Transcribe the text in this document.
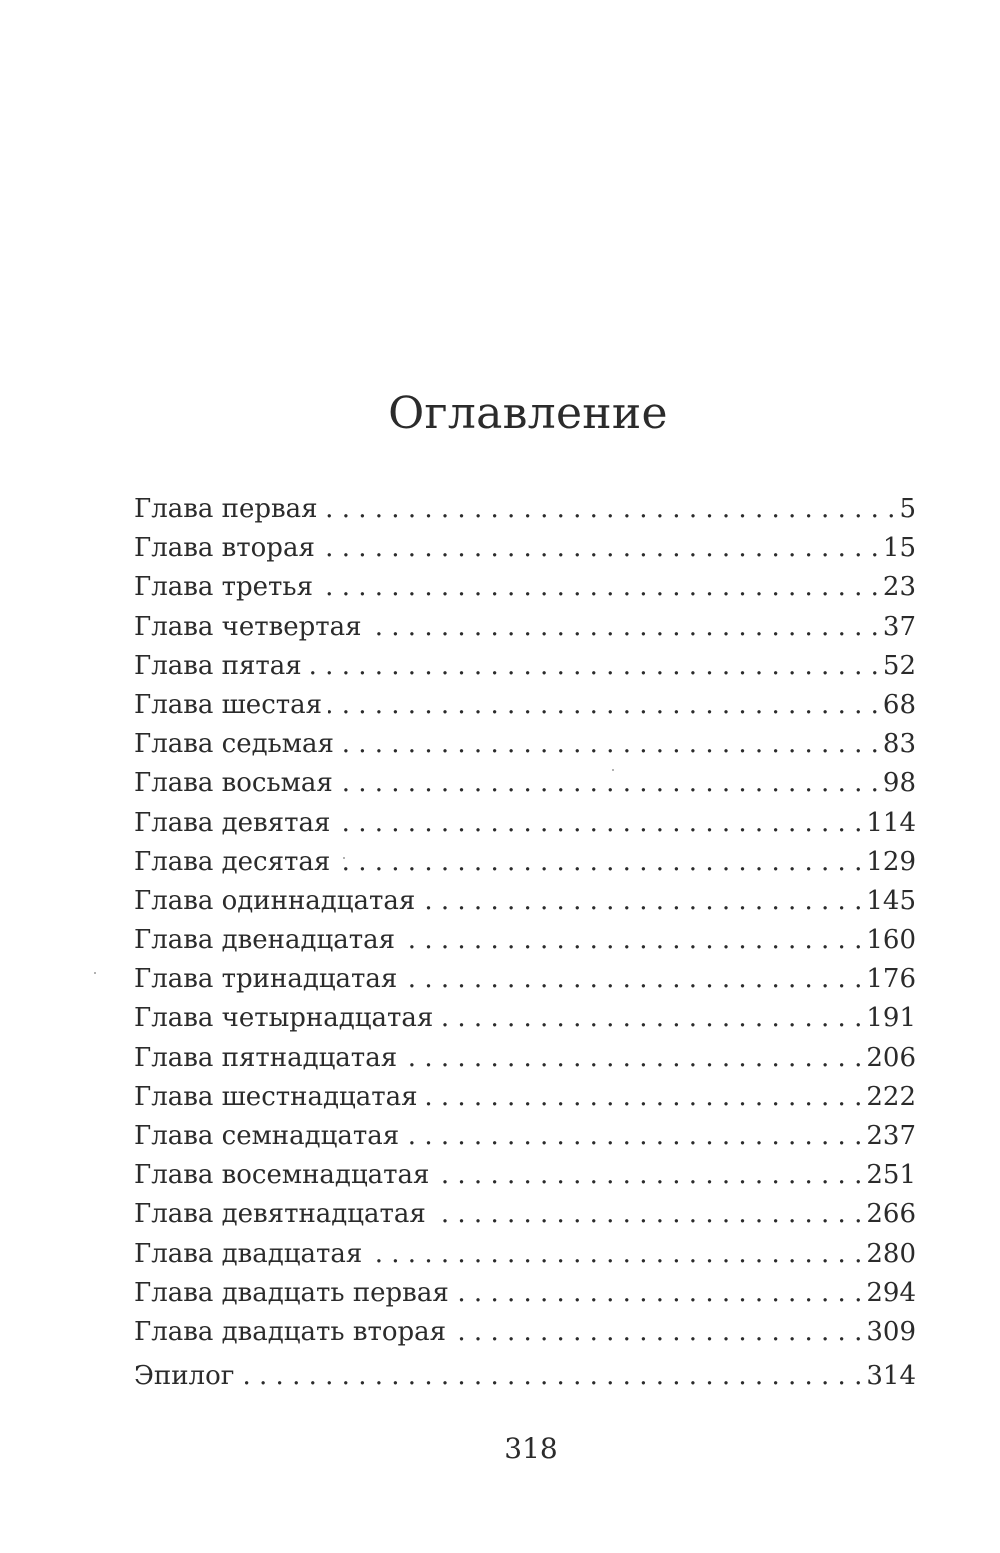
Оглавление
Глава первая . . .	5
Глава вторая . . .	15
Глава третья . . .	23
Глава четвертая . . .	37
Глава пятая . . .	52
Глава шестая . . .	68
Глава седьмая . . .	83
Глава восьмая . . .	98
Глава девятая . . .	114
Глава десятая . . .	129
Глава одиннадцатая . . .	145
Глава двенадцатая . . .	160
Глава тринадцатая . . .	176
Глава четырнадцатая . . .	191
Глава пятнадцатая . . .	206
Глава шестнадцатая . . .	222
Глава семнадцатая . . .	237
Глава восемнадцатая . . .	251
Глава девятнадцатая . . .	266
Глава двадцатая . . .	280
Глава двадцать первая . . .	294
Глава двадцать вторая . . .	309
Эпилог . . .	314
318
